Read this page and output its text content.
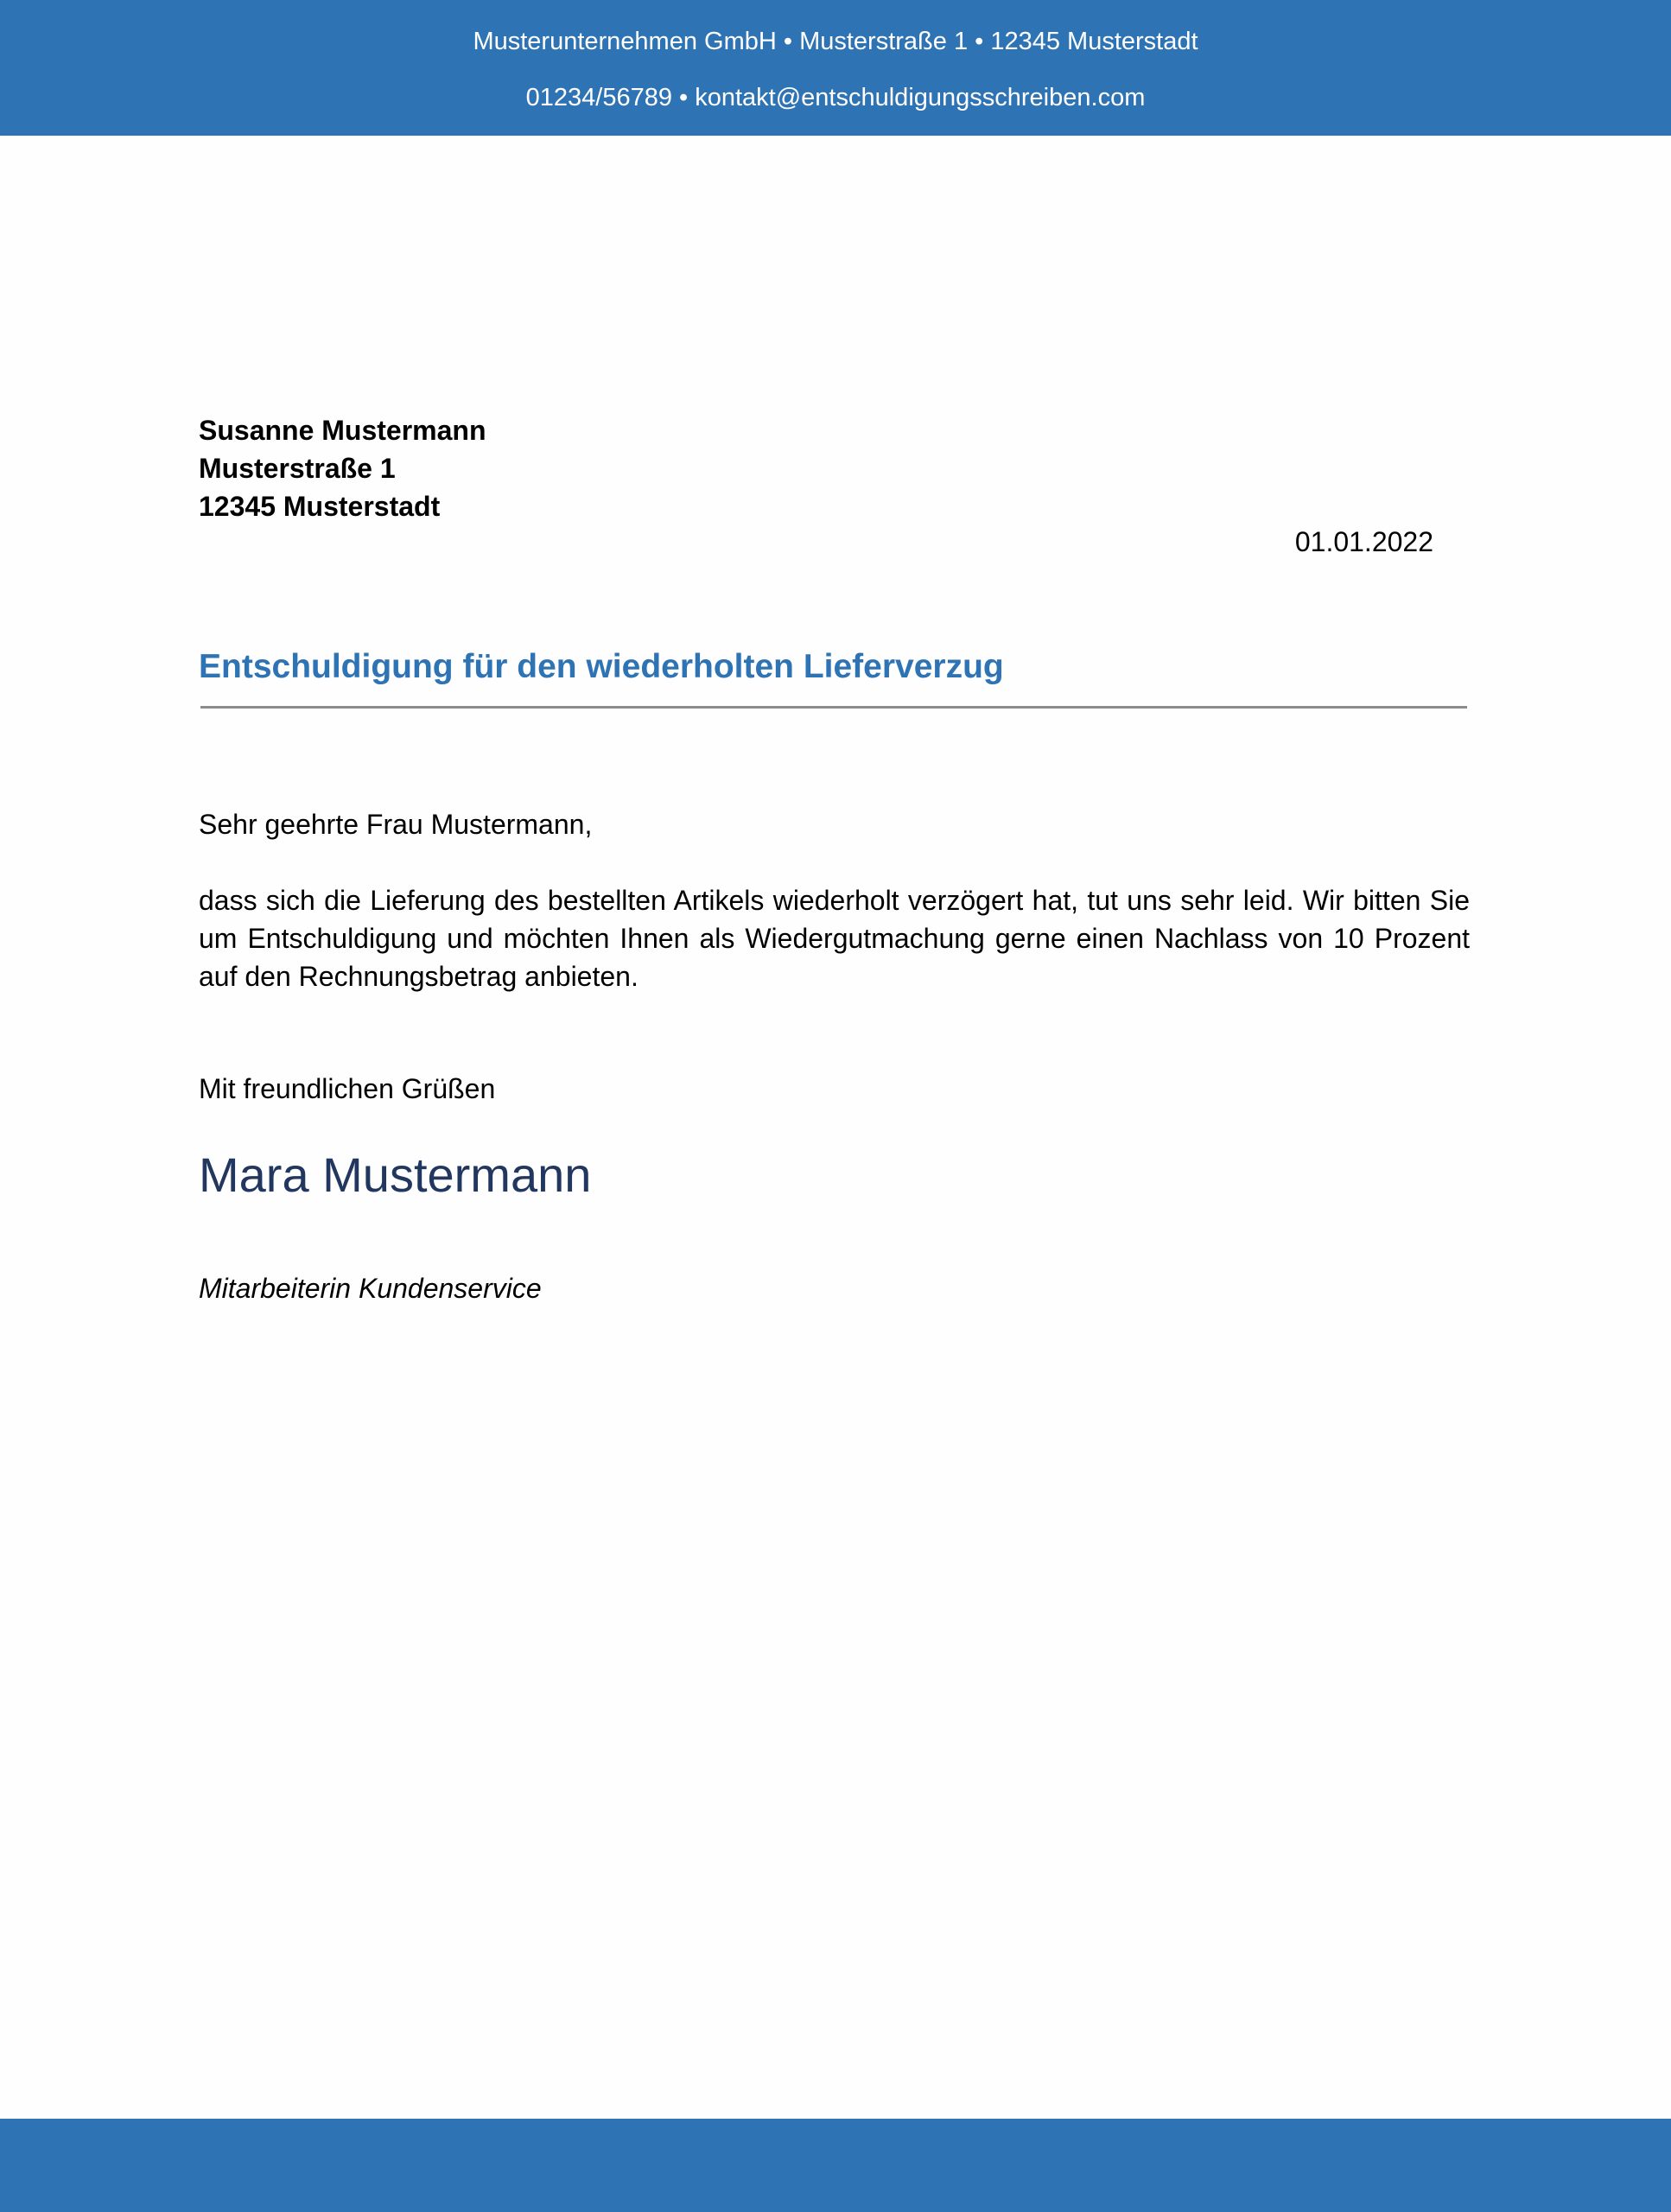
Musterunternehmen GmbH • Musterstraße 1 • 12345 Musterstadt
01234/56789 • kontakt@entschuldigungsschreiben.com
Susanne Mustermann
Musterstraße 1
12345 Musterstadt
01.01.2022
Entschuldigung für den wiederholten Lieferverzug
Sehr geehrte Frau Mustermann,
dass sich die Lieferung des bestellten Artikels wiederholt verzögert hat, tut uns sehr leid. Wir bitten Sie um Entschuldigung und möchten Ihnen als Wiedergutmachung gerne einen Nachlass von 10 Prozent auf den Rechnungsbetrag anbieten.
Mit freundlichen Grüßen
Mara Mustermann
Mitarbeiterin Kundenservice
